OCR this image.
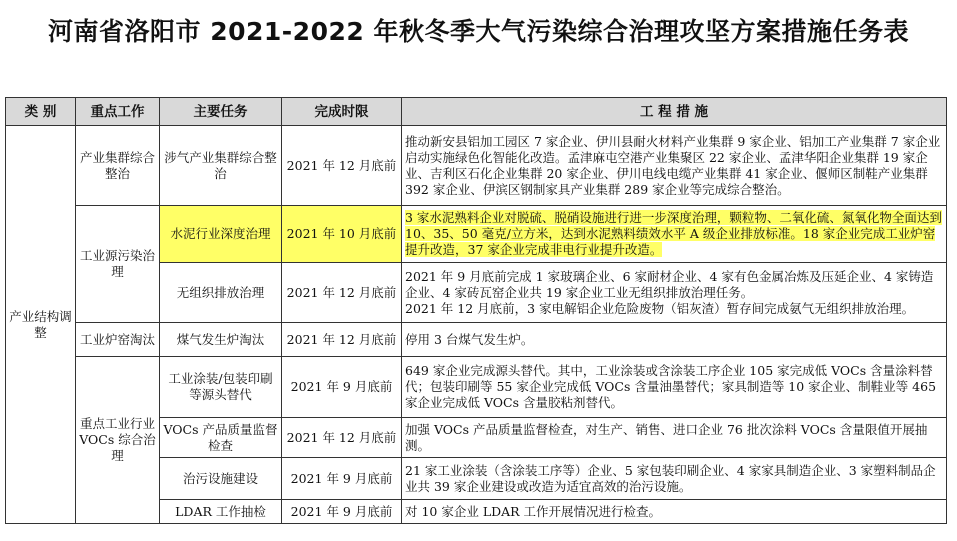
河南省洛阳市 2021-2022 年秋冬季大气污染综合治理攻坚方案措施任务表
类 别	重点工作	主要任务	完成时限	工 程 措 施
产业结构调整	产业集群综合整治	涉气产业集群综合整治	2021 年 12 月底前	推动新安县铝加工园区 7 家企业、伊川县耐火材料产业集群 9 家企业、铝加工产业集群 7 家企业启动实施绿色化智能化改造。孟津麻屯空港产业集聚区 22 家企业、孟津华阳企业集群 19 家企业、吉利区石化企业集群 20 家企业、伊川电线电缆产业集群 41 家企业、偃师区制鞋产业集群 392 家企业、伊滨区钢制家具产业集群 289 家企业等完成综合整治。
	工业源污染治理	水泥行业深度治理	2021 年 10 月底前	3 家水泥熟料企业对脱硫、脱硝设施进行进一步深度治理，颗粒物、二氧化硫、氮氧化物全面达到 10、35、50 毫克/立方米，达到水泥熟料绩效水平 A 级企业排放标准。18 家企业完成工业炉窑提升改造，37 家企业完成非电行业提升改造。
		无组织排放治理	2021 年 12 月底前	2021 年 9 月底前完成 1 家玻璃企业、6 家耐材企业、4 家有色金属冶炼及压延企业、4 家铸造企业、4 家砖瓦窑企业共 19 家企业工业无组织排放治理任务。
2021 年 12 月底前，3 家电解铝企业危险废物（铝灰渣）暂存间完成氨气无组织排放治理。

	工业炉窑淘汰	煤气发生炉淘汰	2021 年 12 月底前	停用 3 台煤气发生炉。
	重点工业行业 VOCs 综合治理	工业涂装/包装印刷等源头替代	2021 年 9 月底前	649 家企业完成源头替代。其中，工业涂装或含涂装工序企业 105 家完成低 VOCs 含量涂料替代；包装印刷等 55 家企业完成低 VOCs 含量油墨替代；家具制造等 10 家企业、制鞋业等 465 家企业完成低 VOCs 含量胶粘剂替代。
		VOCs 产品质量监督检查	2021 年 12 月底前	加强 VOCs 产品质量监督检查，对生产、销售、进口企业 76 批次涂料 VOCs 含量限值开展抽测。
		治污设施建设	2021 年 9 月底前	21 家工业涂装（含涂装工序等）企业、5 家包装印刷企业、4 家家具制造企业、3 家塑料制品企业共 39 家企业建设或改造为适宜高效的治污设施。
		LDAR 工作抽检	2021 年 9 月底前	对 10 家企业 LDAR 工作开展情况进行检查。
